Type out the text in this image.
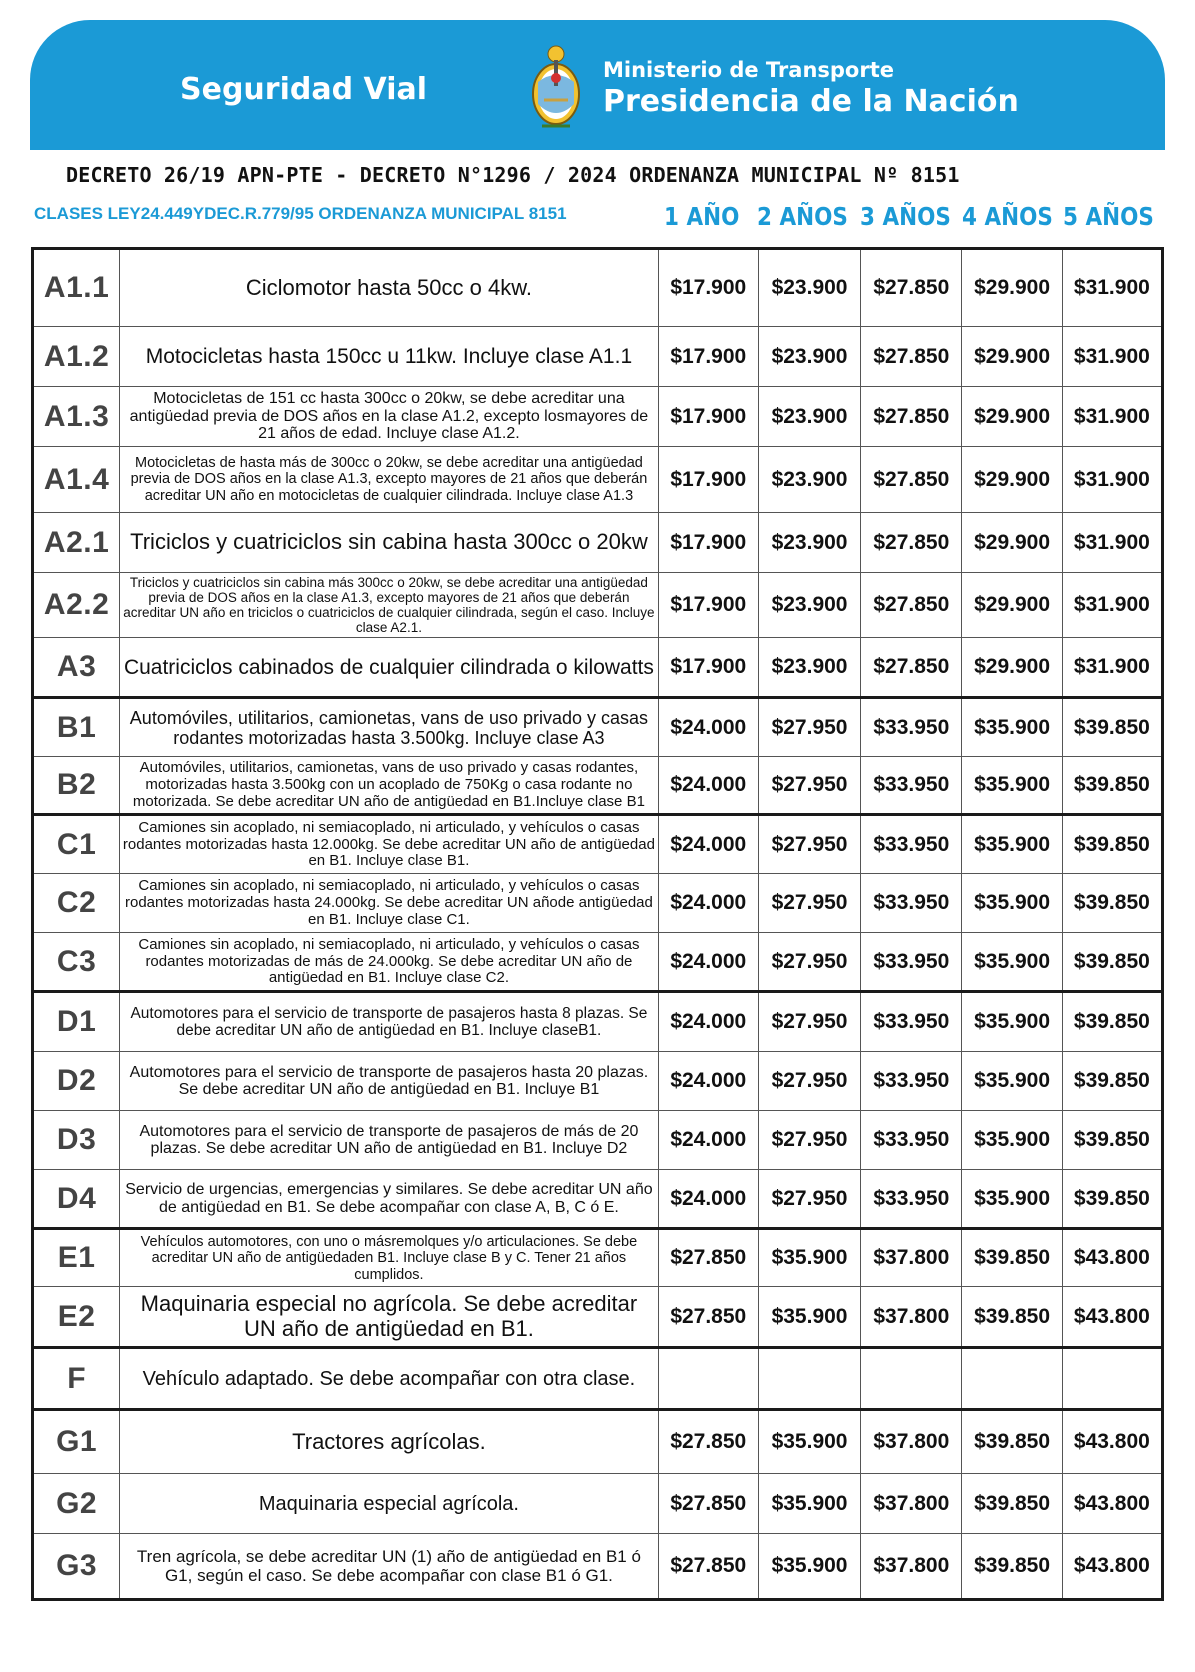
Seguridad Vial
Ministerio de Transporte
Presidencia de la Nación
DECRETO 26/19 APN-PTE - DECRETO N°1296 / 2024 ORDENANZA MUNICIPAL Nº 8151
CLASES LEY24.449YDEC.R.779/95 ORDENANZA MUNICIPAL 8151	1 AÑO 2 AÑOS 3 AÑOS 4 AÑOS 5 AÑOS
A1.1	Ciclomotor hasta 50cc o 4kw.	$17.900	$23.900	$27.850	$29.900	$31.900
A1.2	Motocicletas hasta 150cc u 11kw. Incluye clase A1.1	$17.900	$23.900	$27.850	$29.900	$31.900
A1.3	Motocicletas de 151 cc hasta 300cc o 20kw, se debe acreditar una antigüedad previa de DOS años en la clase A1.2, excepto losmayores de 21 años de edad. Incluye clase A1.2.	$17.900	$23.900	$27.850	$29.900	$31.900
A1.4	Motocicletas de hasta más de 300cc o 20kw, se debe acreditar una antigüedad previa de DOS años en la clase A1.3, excepto mayores de 21 años que deberán acreditar UN año en motocicletas de cualquier cilindrada. Incluye clase A1.3	$17.900	$23.900	$27.850	$29.900	$31.900
A2.1	Triciclos y cuatriciclos sin cabina hasta 300cc o 20kw	$17.900	$23.900	$27.850	$29.900	$31.900
A2.2	Triciclos y cuatriciclos sin cabina más 300cc o 20kw, se debe acreditar una antigüedad previa de DOS años en la clase A1.3, excepto mayores de 21 años que deberán acreditar UN año en triciclos o cuatriciclos de cualquier cilindrada, según el caso. Incluye clase A2.1.	$17.900	$23.900	$27.850	$29.900	$31.900
A3	Cuatriciclos cabinados de cualquier cilindrada o kilowatts	$17.900	$23.900	$27.850	$29.900	$31.900
B1	Automóviles, utilitarios, camionetas, vans de uso privado y casas rodantes motorizadas hasta 3.500kg. Incluye clase A3	$24.000	$27.950	$33.950	$35.900	$39.850
B2	Automóviles, utilitarios, camionetas, vans de uso privado y casas rodantes, motorizadas hasta 3.500kg con un acoplado de 750Kg o casa rodante no motorizada. Se debe acreditar UN año de antigüedad en B1.Incluye clase B1	$24.000	$27.950	$33.950	$35.900	$39.850
C1	Camiones sin acoplado, ni semiacoplado, ni articulado, y vehículos o casas rodantes motorizadas hasta 12.000kg. Se debe acreditar UN año de antigüedad en B1. Incluye clase B1.	$24.000	$27.950	$33.950	$35.900	$39.850
C2	Camiones sin acoplado, ni semiacoplado, ni articulado, y vehículos o casas rodantes motorizadas hasta 24.000kg. Se debe acreditar UN añode antigüedad en B1. Incluye clase C1.	$24.000	$27.950	$33.950	$35.900	$39.850
C3	Camiones sin acoplado, ni semiacoplado, ni articulado, y vehículos o casas rodantes motorizadas de más de 24.000kg. Se debe acreditar UN año de antigüedad en B1. Incluye clase C2.	$24.000	$27.950	$33.950	$35.900	$39.850
D1	Automotores para el servicio de transporte de pasajeros hasta 8 plazas. Se debe acreditar UN año de antigüedad en B1. Incluye claseB1.	$24.000	$27.950	$33.950	$35.900	$39.850
D2	Automotores para el servicio de transporte de pasajeros hasta 20 plazas. Se debe acreditar UN año de antigüedad en B1. Incluye B1	$24.000	$27.950	$33.950	$35.900	$39.850
D3	Automotores para el servicio de transporte de pasajeros de más de 20 plazas. Se debe acreditar UN año de antigüedad en B1. Incluye D2	$24.000	$27.950	$33.950	$35.900	$39.850
D4	Servicio de urgencias, emergencias y similares. Se debe acreditar UN año de antigüedad en B1. Se debe acompañar con clase A, B, C ó E.	$24.000	$27.950	$33.950	$35.900	$39.850
E1	Vehículos automotores, con uno o másremolques y/o articulaciones. Se debe acreditar UN año de antigüedaden B1. Incluye clase B y C. Tener 21 años cumplidos.	$27.850	$35.900	$37.800	$39.850	$43.800
E2	Maquinaria especial no agrícola. Se debe acreditar UN año de antigüedad en B1.	$27.850	$35.900	$37.800	$39.850	$43.800
F	Vehículo adaptado. Se debe acompañar con otra clase.					
G1	Tractores agrícolas.	$27.850	$35.900	$37.800	$39.850	$43.800
G2	Maquinaria especial agrícola.	$27.850	$35.900	$37.800	$39.850	$43.800
G3	Tren agrícola, se debe acreditar UN (1) año de antigüedad en B1 ó G1, según el caso. Se debe acompañar con clase B1 ó G1.	$27.850	$35.900	$37.800	$39.850	$43.800
